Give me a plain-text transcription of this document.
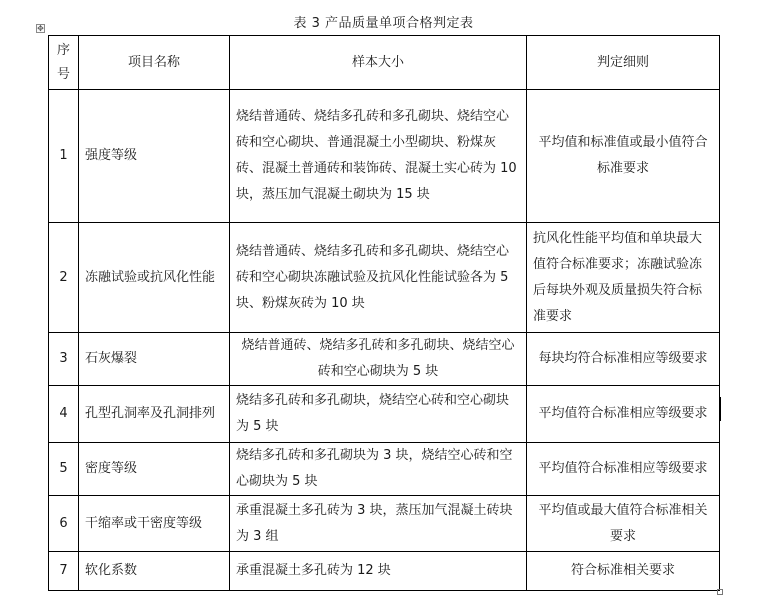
✥	表 3 产品质量单项合格判定表
序
号	项目名称	样本大小	判定细则
1	强度等级	烧结普通砖、烧结多孔砖和多孔砌块、烧结空心砖和空心砌块、普通混凝土小型砌块、粉煤灰砖、混凝土普通砖和装饰砖、混凝土实心砖为 10 块，蒸压加气混凝土砌块为 15 块	平均值和标准值或最小值符合标准要求
2	冻融试验或抗风化性能	烧结普通砖、烧结多孔砖和多孔砌块、烧结空心砖和空心砌块冻融试验及抗风化性能试验各为 5 块、粉煤灰砖为 10 块	抗风化性能平均值和单块最大值符合标准要求；冻融试验冻后每块外观及质量损失符合标准要求
3	石灰爆裂	烧结普通砖、烧结多孔砖和多孔砌块、烧结空心砖和空心砌块为 5 块	每块均符合标准相应等级要求
4	孔型孔洞率及孔洞排列	烧结多孔砖和多孔砌块，烧结空心砖和空心砌块为 5 块	平均值符合标准相应等级要求
5	密度等级	烧结多孔砖和多孔砌块为 3 块，烧结空心砖和空心砌块为 5 块	平均值符合标准相应等级要求
6	干缩率或干密度等级	承重混凝土多孔砖为 3 块，蒸压加气混凝土砖块为 3 组	平均值或最大值符合标准相关要求
7	软化系数	承重混凝土多孔砖为 12 块	符合标准相关要求
